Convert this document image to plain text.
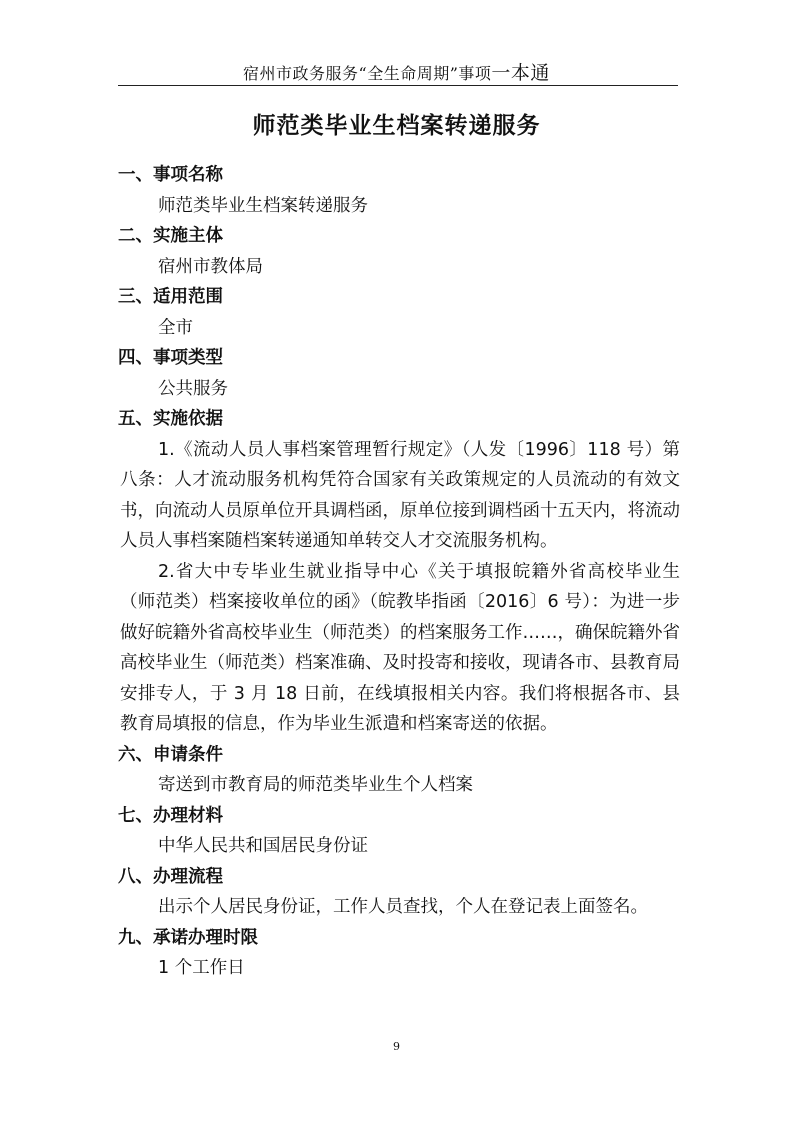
宿州市政务服务“全生命周期”事项一本通
师范类毕业生档案转递服务
一、事项名称
师范类毕业生档案转递服务
二、实施主体
宿州市教体局
三、适用范围
全市
四、事项类型
公共服务
五、实施依据
1.《流动人员人事档案管理暂行规定》（人发〔1996〕118 号）第八条：人才流动服务机构凭符合国家有关政策规定的人员流动的有效文书，向流动人员原单位开具调档函，原单位接到调档函十五天内，将流动人员人事档案随档案转递通知单转交人才交流服务机构。
2.省大中专毕业生就业指导中心《关于填报皖籍外省高校毕业生（师范类）档案接收单位的函》（皖教毕指函〔2016〕6 号）：为进一步做好皖籍外省高校毕业生（师范类）的档案服务工作……，确保皖籍外省高校毕业生（师范类）档案准确、及时投寄和接收，现请各市、县教育局安排专人，于 3 月 18 日前，在线填报相关内容。我们将根据各市、县教育局填报的信息，作为毕业生派遣和档案寄送的依据。
六、申请条件
寄送到市教育局的师范类毕业生个人档案
七、办理材料
中华人民共和国居民身份证
八、办理流程
出示个人居民身份证，工作人员查找，个人在登记表上面签名。
九、承诺办理时限
1 个工作日
9
